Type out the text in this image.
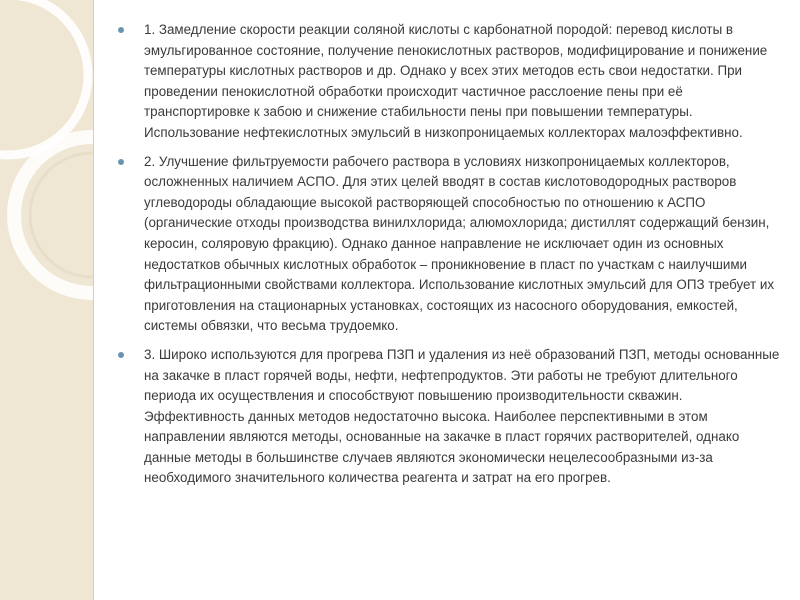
1. Замедление скорости реакции соляной кислоты с карбонатной породой: перевод кислоты в эмульгированное состояние, получение пенокислотных растворов, модифицирование и понижение температуры кислотных растворов и др. Однако у всех этих методов есть свои недостатки. При проведении пенокислотной обработки происходит частичное расслоение пены при её транспортировке к забою и снижение стабильности пены при повышении температуры. Использование нефтекислотных эмульсий в низкопроницаемых коллекторах малоэффективно.
2. Улучшение фильтруемости рабочего раствора в условиях низкопроницаемых коллекторов, осложненных наличием АСПО. Для этих целей вводят в состав кислотоводородных растворов углеводороды обладающие высокой растворяющей способностью по отношению к АСПО (органические отходы производства винилхлорида; алюмохлорида; дистиллят содержащий бензин, керосин, соляровую фракцию). Однако данное направление не исключает один из основных недостатков обычных кислотных обработок – проникновение в пласт по участкам с наилучшими фильтрационными свойствами коллектора. Использование кислотных эмульсий для ОПЗ требует их приготовления на стационарных установках, состоящих из насосного оборудования, емкостей, системы обвязки, что весьма трудоемко.
3. Широко используются для прогрева ПЗП и удаления из неё образований ПЗП, методы основанные на закачке в пласт горячей воды, нефти, нефтепродуктов. Эти работы не требуют длительного периода их осуществления и способствуют повышению производительности скважин. Эффективность данных методов недостаточно высока. Наиболее перспективными в этом направлении являются методы, основанные на закачке в пласт горячих растворителей, однако данные методы в большинстве случаев являются экономически нецелесообразными из-за необходимого значительного количества реагента и затрат на его прогрев.
